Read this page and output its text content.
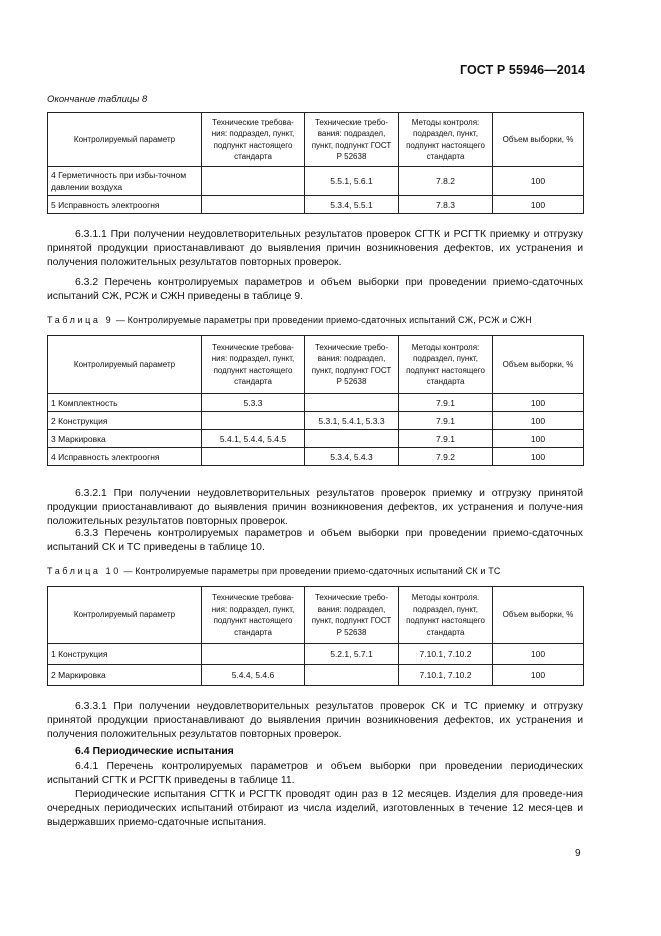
ГОСТ Р 55946—2014
Окончание таблицы 8
Контролируемый параметр	Технические требова-ния: подраздел, пункт, подпункт настоящего стандарта	Технические требо-вания: подраздел, пункт, подпункт ГОСТ Р 52638	Методы контроля: подраздел, пункт, подпункт настоящего стандарта	Объем выборки, %
4 Герметичность при избы-точном давлении воздуха		5.5.1, 5.6.1	7.8.2	100
5 Исправность электроогня		5.3.4, 5.5.1	7.8.3	100

6.3.1.1 При получении неудовлетворительных результатов проверок СГТК и РСГТК приемку и отгрузку принятой продукции приостанавливают до выявления причин возникновения дефектов, их устранения и получения положительных результатов повторных проверок.

6.3.2 Перечень контролируемых параметров и объем выборки при проведении приемо-сдаточных испытаний СЖ, РСЖ и СЖН приведены в таблице 9.

Таблица 9 — Контролируемые параметры при проведении приемо-сдаточных испытаний СЖ, РСЖ и СЖН
Контролируемый параметр	Технические требова-ния: подраздел, пункт, подпункт настоящего стандарта	Технические требо-вания: подраздел, пункт, подпункт ГОСТ Р 52638	Методы контроля: подраздел, пункт, подпункт настоящего стандарта	Объем выборки, %
1 Комплектность	5.3.3		7.9.1	100
2 Конструкция		5.3.1, 5.4.1, 5.3.3	7.9.1	100
3 Маркировка	5.4.1, 5.4.4, 5.4.5		7.9.1	100
4 Исправность электроогня		5.3.4, 5.4.3	7.9.2	100

6.3.2.1 При получении неудовлетворительных результатов проверок приемку и отгрузку принятой продукции приостанавливают до выявления причин возникновения дефектов, их устранения и получе-ния положительных результатов повторных проверок.

6.3.3 Перечень контролируемых параметров и объем выборки при проведении приемо-сдаточных испытаний СК и ТС приведены в таблице 10.

Таблица 10 — Контролируемые параметры при проведении приемо-сдаточных испытаний СК и ТС
Контролируемый параметр	Технические требова-ния: подраздел, пункт, подпункт настоящего стандарта	Технические требо-вания: подраздел, пункт, подпункт ГОСТ Р 52638	Методы контроля. подраздел, пункт, подпункт настоящего стандарта	Объем выборки, %
1 Конструкция		5.2.1, 5.7.1	7.10.1, 7.10.2	100
2 Маркировка	5.4.4, 5.4.6		7.10.1, 7.10.2	100

6.3.3.1 При получении неудовлетворительных результатов проверок СК и ТС приемку и отгрузку принятой продукции приостанавливают до выявления причин возникновения дефектов, их устранения и получения положительных результатов повторных проверок.

6.4 Периодические испытания

6.4.1 Перечень контролируемых параметров и объем выборки при проведении периодических испытаний СГТК и РСГТК приведены в таблице 11.

Периодические испытания СГТК и РСГТК проводят один раз в 12 месяцев. Изделия для проведе-ния очередных периодических испытаний отбирают из числа изделий, изготовленных в течение 12 меся-цев и выдержавших приемо-сдаточные испытания.

9
